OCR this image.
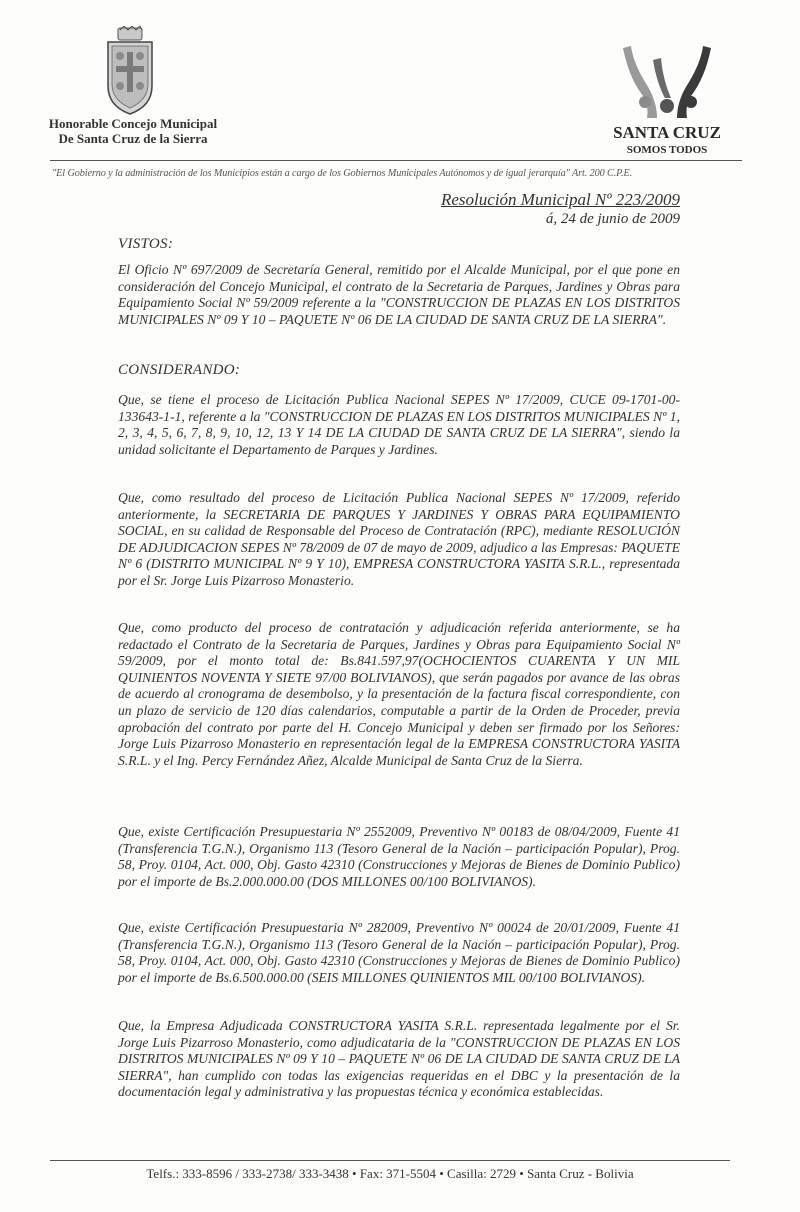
Honorable Concejo Municipal
De Santa Cruz de la Sierra	SANTA CRUZ
SOMOS TODOS
"El Gobierno y la administración de los Municipios están a cargo de los Gobiernos Municipales Autónomos y de igual jerarquía" Art. 200 C.P.E.
Resolución Municipal Nº 223/2009
á, 24 de junio de 2009
VISTOS:
El Oficio Nº 697/2009 de Secretaría General, remitido por el Alcalde Municipal, por el que pone en consideración del Concejo Municipal, el contrato de la Secretaria de Parques, Jardines y Obras para Equipamiento Social Nº 59/2009 referente a la "CONSTRUCCION DE PLAZAS EN LOS DISTRITOS MUNICIPALES Nº 09 Y 10 – PAQUETE Nº 06 DE LA CIUDAD DE SANTA CRUZ DE LA SIERRA".
CONSIDERANDO:
Que, se tiene el proceso de Licitación Publica Nacional SEPES Nº 17/2009, CUCE 09-1701-00-133643-1-1, referente a la "CONSTRUCCION DE PLAZAS EN LOS DISTRITOS MUNICIPALES Nº 1, 2, 3, 4, 5, 6, 7, 8, 9, 10, 12, 13 Y 14 DE LA CIUDAD DE SANTA CRUZ DE LA SIERRA", siendo la unidad solicitante el Departamento de Parques y Jardines.
Que, como resultado del proceso de Licitación Publica Nacional SEPES Nº 17/2009, referido anteriormente, la SECRETARIA DE PARQUES Y JARDINES Y OBRAS PARA EQUIPAMIENTO SOCIAL, en su calidad de Responsable del Proceso de Contratación (RPC), mediante RESOLUCIÓN DE ADJUDICACION SEPES Nº 78/2009 de 07 de mayo de 2009, adjudico a las Empresas: PAQUETE Nº 6 (DISTRITO MUNICIPAL Nº 9 Y 10), EMPRESA CONSTRUCTORA YASITA S.R.L., representada por el Sr. Jorge Luis Pizarroso Monasterio.
Que, como producto del proceso de contratación y adjudicación referida anteriormente, se ha redactado el Contrato de la Secretaria de Parques, Jardines y Obras para Equipamiento Social Nº 59/2009, por el monto total de: Bs.841.597,97(OCHOCIENTOS CUARENTA Y UN MIL QUINIENTOS NOVENTA Y SIETE 97/00 BOLIVIANOS), que serán pagados por avance de las obras de acuerdo al cronograma de desembolso, y la presentación de la factura fiscal correspondiente, con un plazo de servicio de 120 días calendarios, computable a partir de la Orden de Proceder, previa aprobación del contrato por parte del H. Concejo Municipal y deben ser firmado por los Señores: Jorge Luis Pizarroso Monasterio en representación legal de la EMPRESA CONSTRUCTORA YASITA S.R.L. y el Ing. Percy Fernández Añez, Alcalde Municipal de Santa Cruz de la Sierra.
Que, existe Certificación Presupuestaria Nº 2552009, Preventivo Nº 00183 de 08/04/2009, Fuente 41 (Transferencia T.G.N.), Organismo 113 (Tesoro General de la Nación – participación Popular), Prog. 58, Proy. 0104, Act. 000, Obj. Gasto 42310 (Construcciones y Mejoras de Bienes de Dominio Publico) por el importe de Bs.2.000.000.00 (DOS MILLONES 00/100 BOLIVIANOS).
Que, existe Certificación Presupuestaria Nº 282009, Preventivo Nº 00024 de 20/01/2009, Fuente 41 (Transferencia T.G.N.), Organismo 113 (Tesoro General de la Nación – participación Popular), Prog. 58, Proy. 0104, Act. 000, Obj. Gasto 42310 (Construcciones y Mejoras de Bienes de Dominio Publico) por el importe de Bs.6.500.000.00 (SEIS MILLONES QUINIENTOS MIL 00/100 BOLIVIANOS).
Que, la Empresa Adjudicada CONSTRUCTORA YASITA S.R.L. representada legalmente por el Sr. Jorge Luis Pizarroso Monasterio, como adjudicataria de la "CONSTRUCCION DE PLAZAS EN LOS DISTRITOS MUNICIPALES Nº 09 Y 10 – PAQUETE Nº 06 DE LA CIUDAD DE SANTA CRUZ DE LA SIERRA", han cumplido con todas las exigencias requeridas en el DBC y la presentación de la documentación legal y administrativa y las propuestas técnica y económica establecidas.
Telfs.: 333-8596 / 333-2738/ 333-3438 • Fax: 371-5504 • Casilla: 2729 • Santa Cruz - Bolivia
